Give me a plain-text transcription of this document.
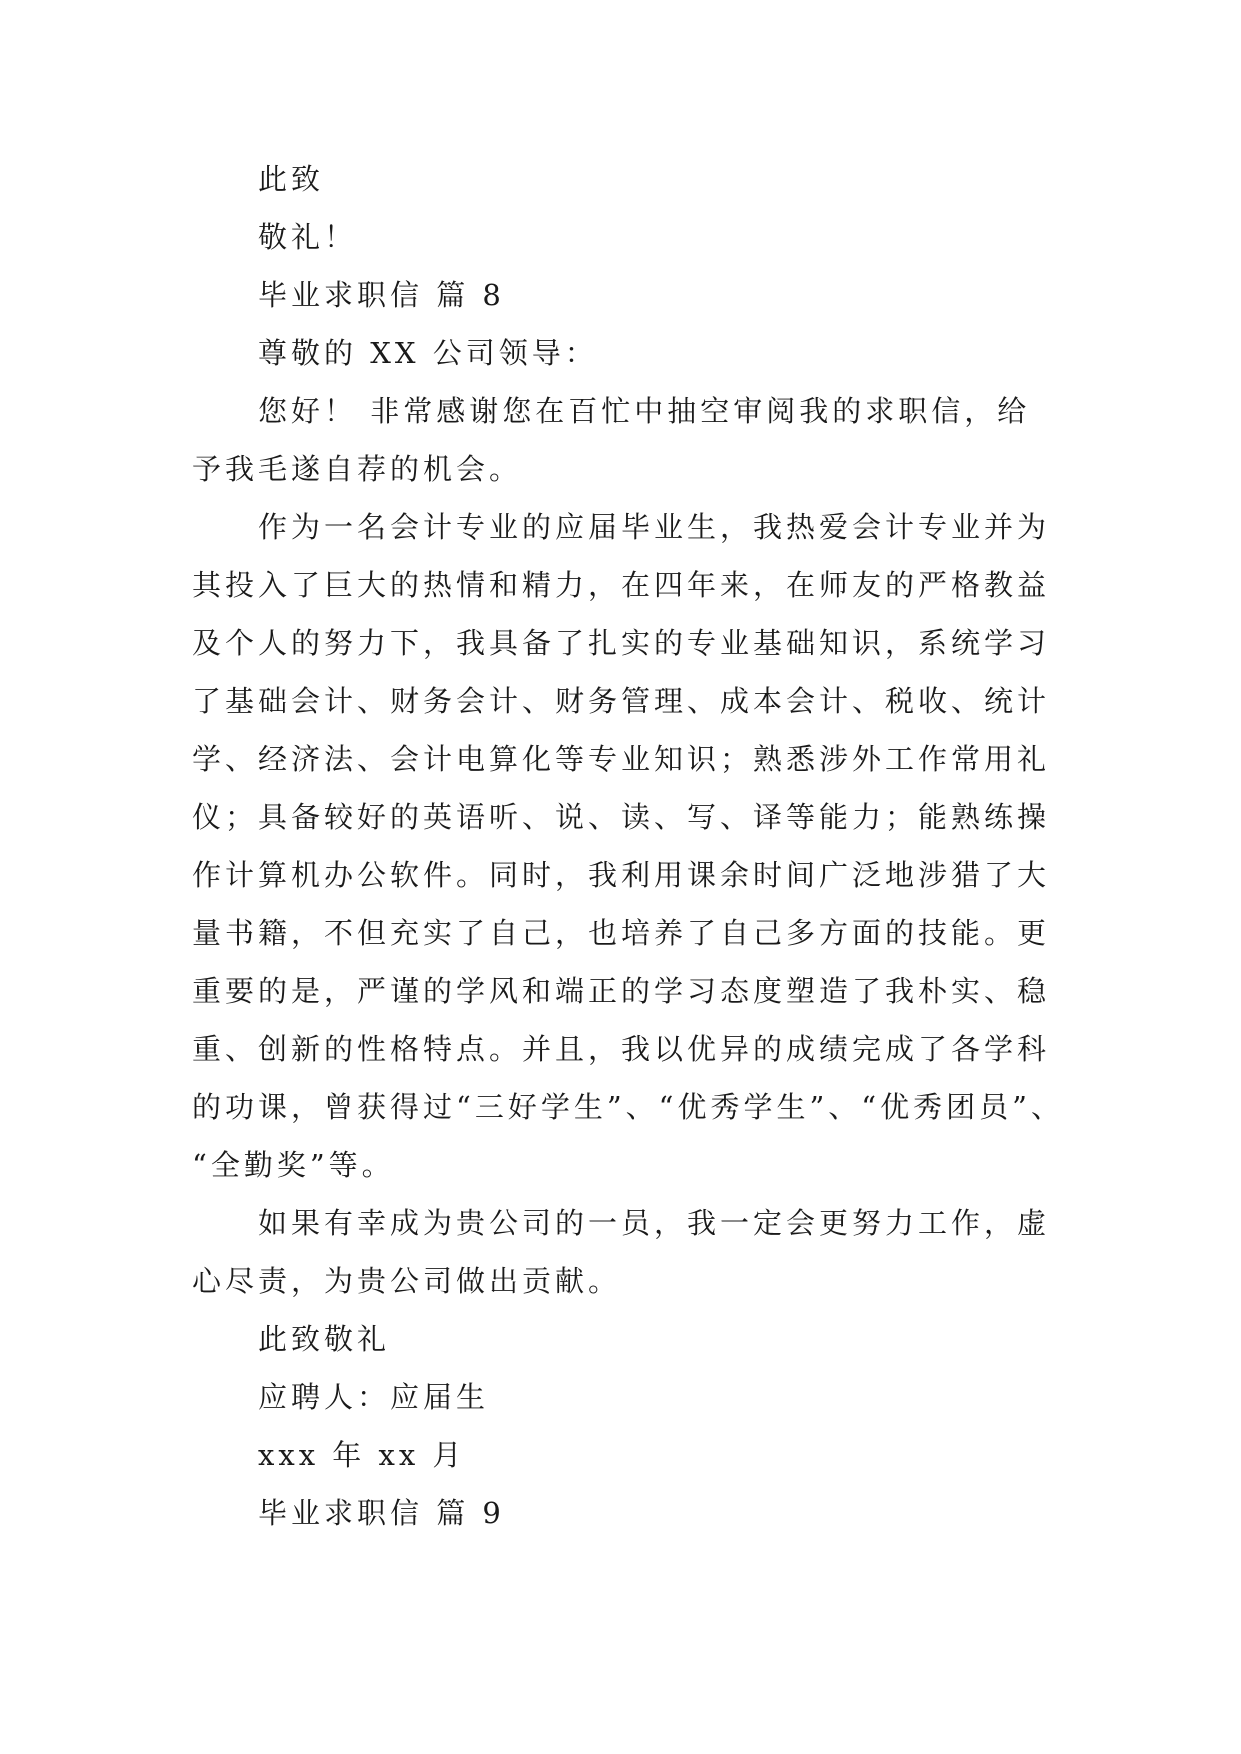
此致

敬礼！

毕业求职信 篇 8

尊敬的 XX 公司领导：

您好！ 非常感谢您在百忙中抽空审阅我的求职信，给

予我毛遂自荐的机会。

作为一名会计专业的应届毕业生，我热爱会计专业并为

其投入了巨大的热情和精力，在四年来，在师友的严格教益

及个人的努力下，我具备了扎实的专业基础知识，系统学习

了基础会计、财务会计、财务管理、成本会计、税收、统计

学、经济法、会计电算化等专业知识；熟悉涉外工作常用礼

仪；具备较好的英语听、说、读、写、译等能力；能熟练操

作计算机办公软件。同时，我利用课余时间广泛地涉猎了大

量书籍，不但充实了自己，也培养了自己多方面的技能。更

重要的是，严谨的学风和端正的学习态度塑造了我朴实、稳

重、创新的性格特点。并且，我以优异的成绩完成了各学科

的功课，曾获得过“三好学生”、“优秀学生”、“优秀团员”、

“全勤奖”等。

如果有幸成为贵公司的一员，我一定会更努力工作，虚

心尽责，为贵公司做出贡献。

此致敬礼

应聘人：应届生

xxx 年 xx 月

毕业求职信 篇 9
